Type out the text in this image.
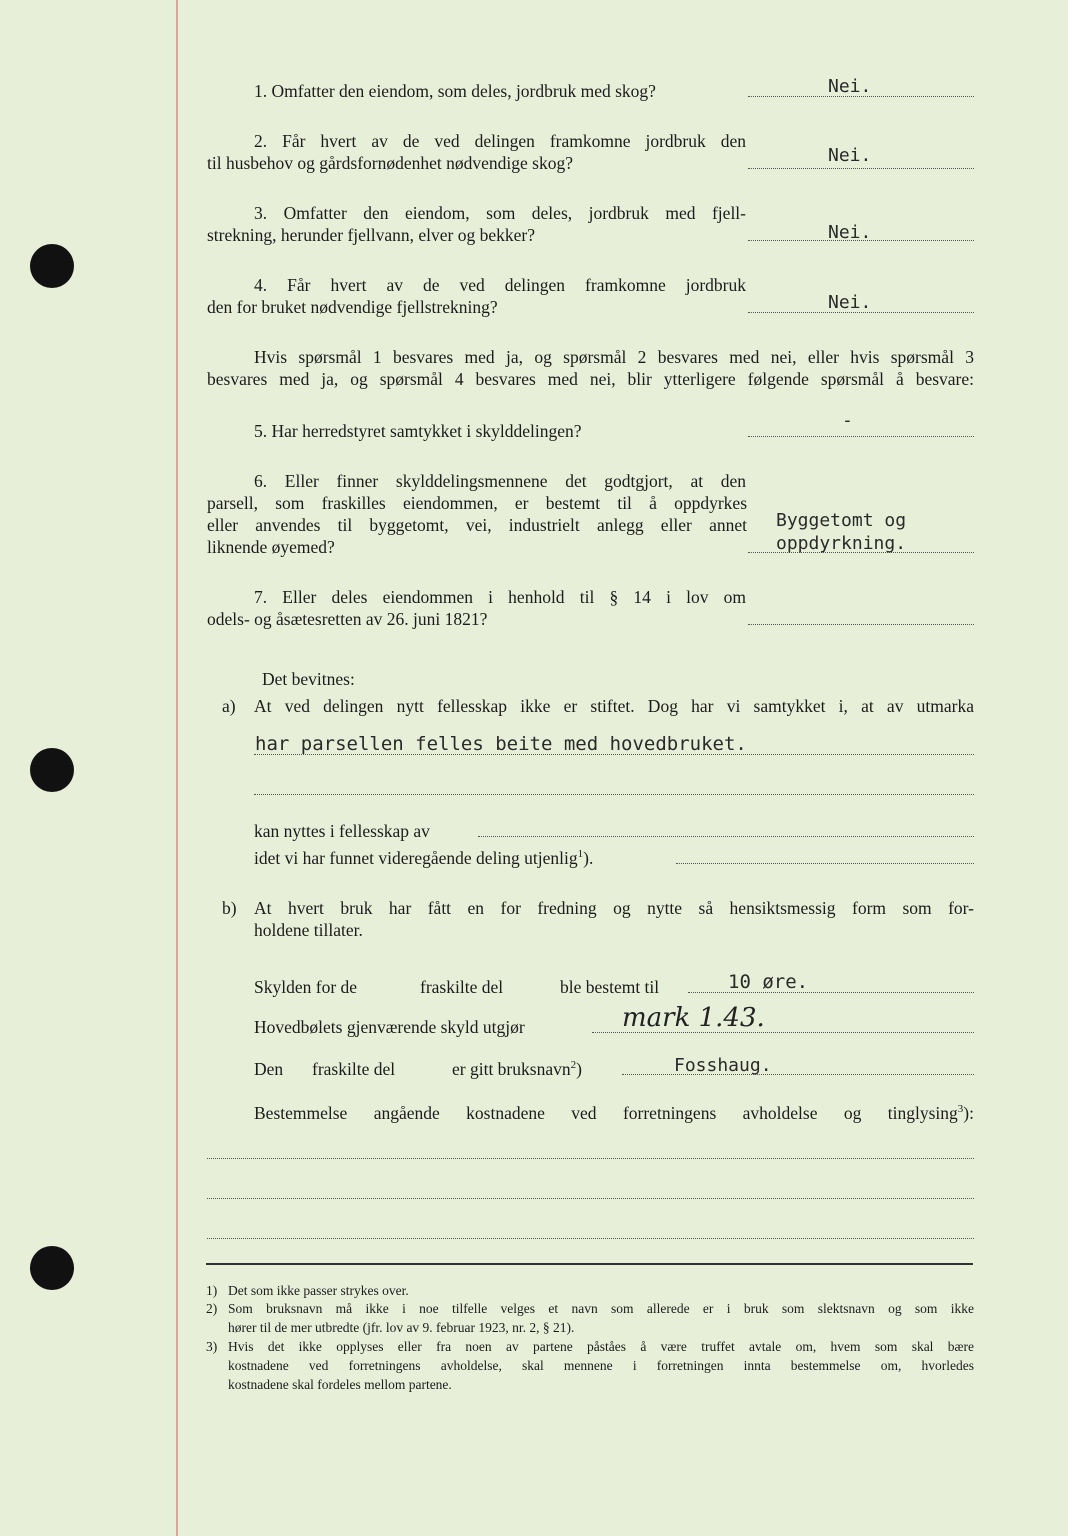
1. Omfatter den eiendom, som deles, jordbruk med skog?	Nei.
2. Får hvert av de ved delingen framkomne jordbruk den
til husbehov og gårdsfornødenhet nødvendige skog?	Nei.
3. Omfatter den eiendom, som deles, jordbruk med fjell-
strekning, herunder fjellvann, elver og bekker?	Nei.
4. Får hvert av de ved delingen framkomne jordbruk
den for bruket nødvendige fjellstrekning?	Nei.
Hvis spørsmål 1 besvares med ja, og spørsmål 2 besvares med nei, eller hvis spørsmål 3
besvares med ja, og spørsmål 4 besvares med nei, blir ytterligere følgende spørsmål å besvare:
5. Har herredstyret samtykket i skylddelingen?	-
6. Eller finner skylddelingsmennene det godtgjort, at den
parsell, som fraskilles eiendommen, er bestemt til å oppdyrkes
eller anvendes til byggetomt, vei, industrielt anlegg eller annet
liknende øyemed?
Byggetomt og
oppdyrkning.
7. Eller deles eiendommen i henhold til § 14 i lov om
odels- og åsætesretten av 26. juni 1821?
Det bevitnes:
a) At ved delingen nytt fellesskap ikke er stiftet. Dog har vi samtykket i, at av utmarka
har parsellen felles beite med hovedbruket.
kan nyttes i fellesskap av
idet vi har funnet videregående deling utjenlig$^1$).
b) At hvert bruk har fått en for fredning og nytte så hensiktsmessig form som for-
holdene tillater.
Skylden for de	fraskilte del	ble bestemt til	10 øre.
Hovedbølets gjenværende skyld utgjør	mark 1.43.
Den fraskilte del	er gitt bruksnavn$^2$)	Fosshaug.
Bestemmelse angående kostnadene ved forretningens avholdelse og tinglysing$^3$):
1) Det som ikke passer strykes over.
2) Som bruksnavn må ikke i noe tilfelle velges et navn som allerede er i bruk som slektsnavn og som ikke
hører til de mer utbredte (jfr. lov av 9. februar 1923, nr. 2, § 21).
3) Hvis det ikke opplyses eller fra noen av partene påståes å være truffet avtale om, hvem som skal bære
kostnadene ved forretningens avholdelse, skal mennene i forretningen innta bestemmelse om, hvorledes
kostnadene skal fordeles mellom partene.
